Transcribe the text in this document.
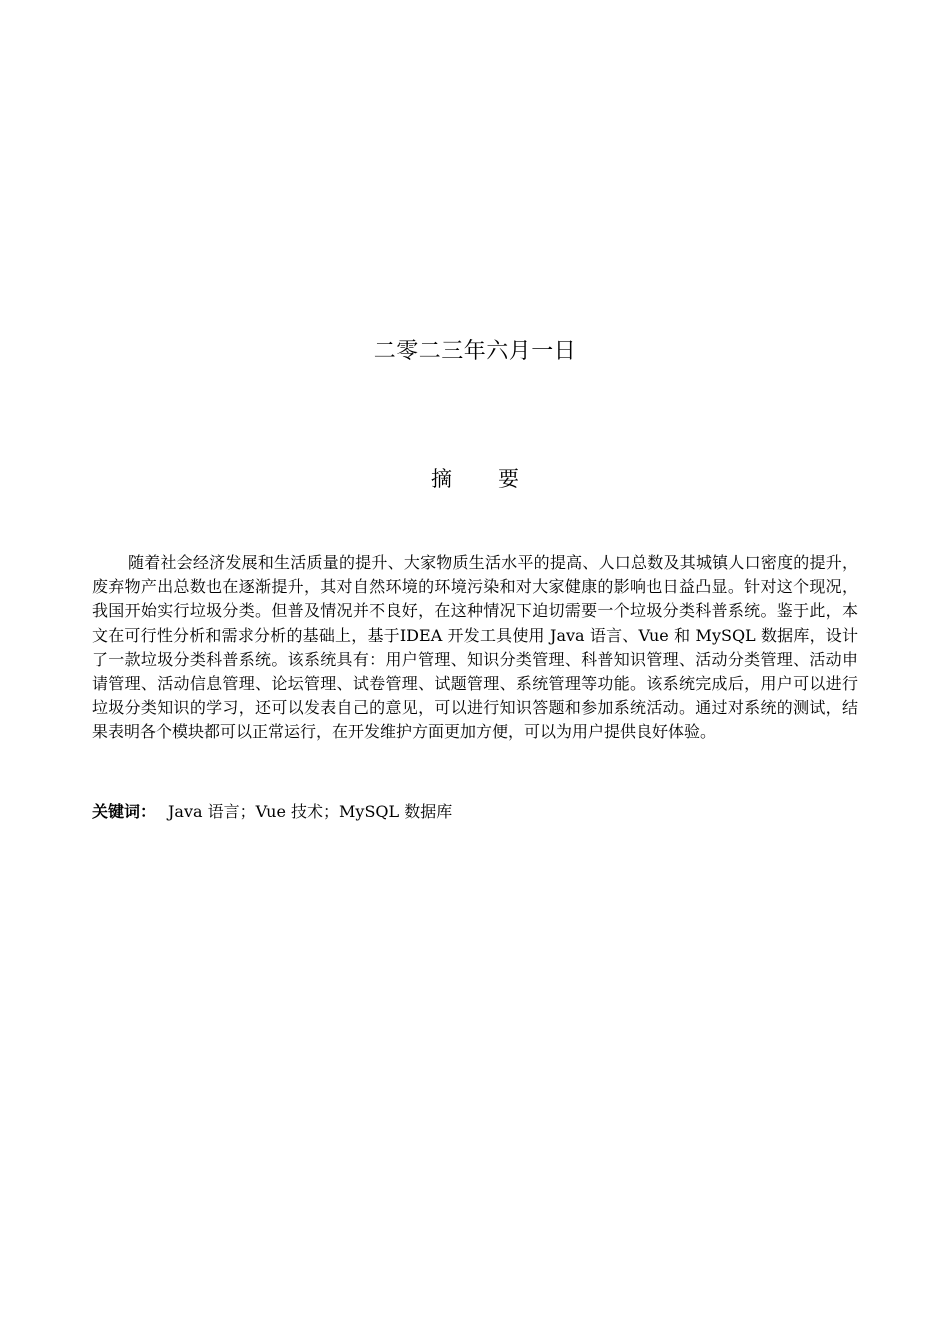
二零二三年六月一日
摘要

随着社会经济发展和生活质量的提升、大家物质生活水平的提高、人口总数及其城镇人口密度的提升，废弃物产出总数也在逐渐提升，其对自然环境的环境污染和对大家健康的影响也日益凸显。针对这个现况，我国开始实行垃圾分类。但普及情况并不良好，在这种情况下迫切需要一个垃圾分类科普系统。鉴于此，本文在可行性分析和需求分析的基础上，基于IDEA 开发工具使用 Java 语言、Vue 和 MySQL 数据库，设计了一款垃圾分类科普系统。该系统具有：用户管理、知识分类管理、科普知识管理、活动分类管理、活动申请管理、活动信息管理、论坛管理、试卷管理、试题管理、系统管理等功能。该系统完成后，用户可以进行垃圾分类知识的学习，还可以发表自己的意见，可以进行知识答题和参加系统活动。通过对系统的测试，结果表明各个模块都可以正常运行，在开发维护方面更加方便，可以为用户提供良好体验。

关键词： Java 语言；Vue 技术；MySQL 数据库
